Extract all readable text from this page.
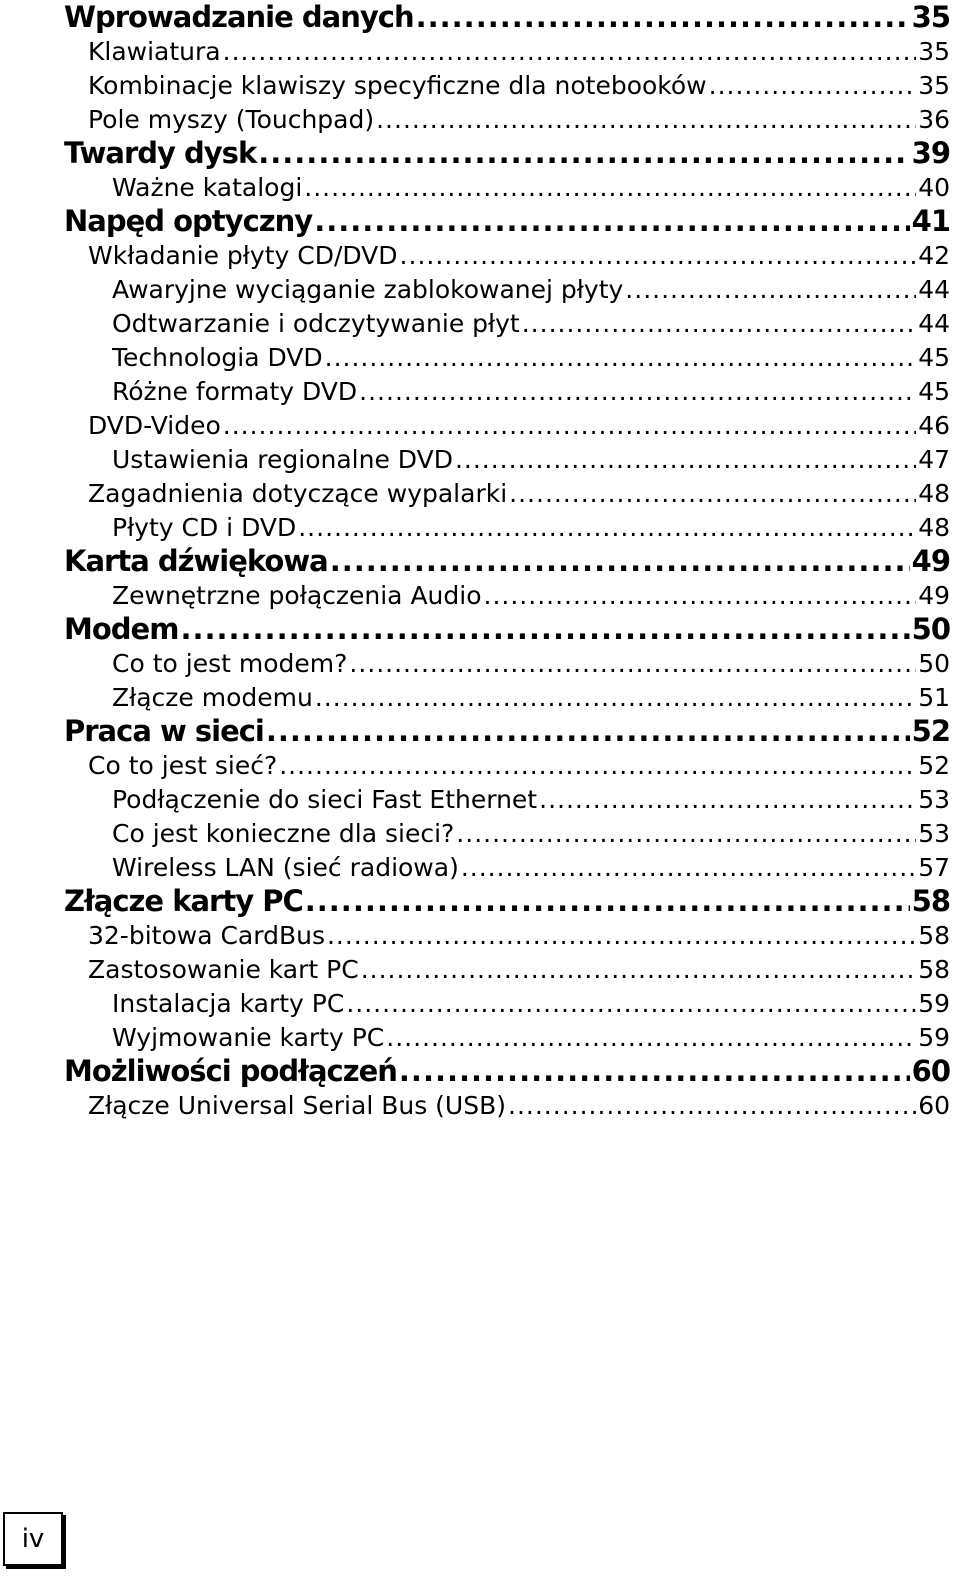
Wprowadzanie danych .....	35
Klawiatura .....	35
Kombinacje klawiszy specyficzne dla notebooków .....	35
Pole myszy (Touchpad) .....	36
Twardy dysk .....	39
Ważne katalogi .....	40
Napęd optyczny .....	41
Wkładanie płyty CD/DVD .....	42
Awaryjne wyciąganie zablokowanej płyty .....	44
Odtwarzanie i odczytywanie płyt .....	44
Technologia DVD .....	45
Różne formaty DVD .....	45
DVD-Video .....	46
Ustawienia regionalne DVD .....	47
Zagadnienia dotyczące wypalarki .....	48
Płyty CD i DVD .....	48
Karta dźwiękowa .....	49
Zewnętrzne połączenia Audio .....	49
Modem .....	50
Co to jest modem? .....	50
Złącze modemu .....	51
Praca w sieci .....	52
Co to jest sieć? .....	52
Podłączenie do sieci Fast Ethernet .....	53
Co jest konieczne dla sieci? .....	53
Wireless LAN (sieć radiowa) .....	57
Złącze karty PC .....	58
32-bitowa CardBus .....	58
Zastosowanie kart PC .....	58
Instalacja karty PC .....	59
Wyjmowanie karty PC .....	59
Możliwości podłączeń .....	60
Złącze Universal Serial Bus (USB) .....	60
iv
